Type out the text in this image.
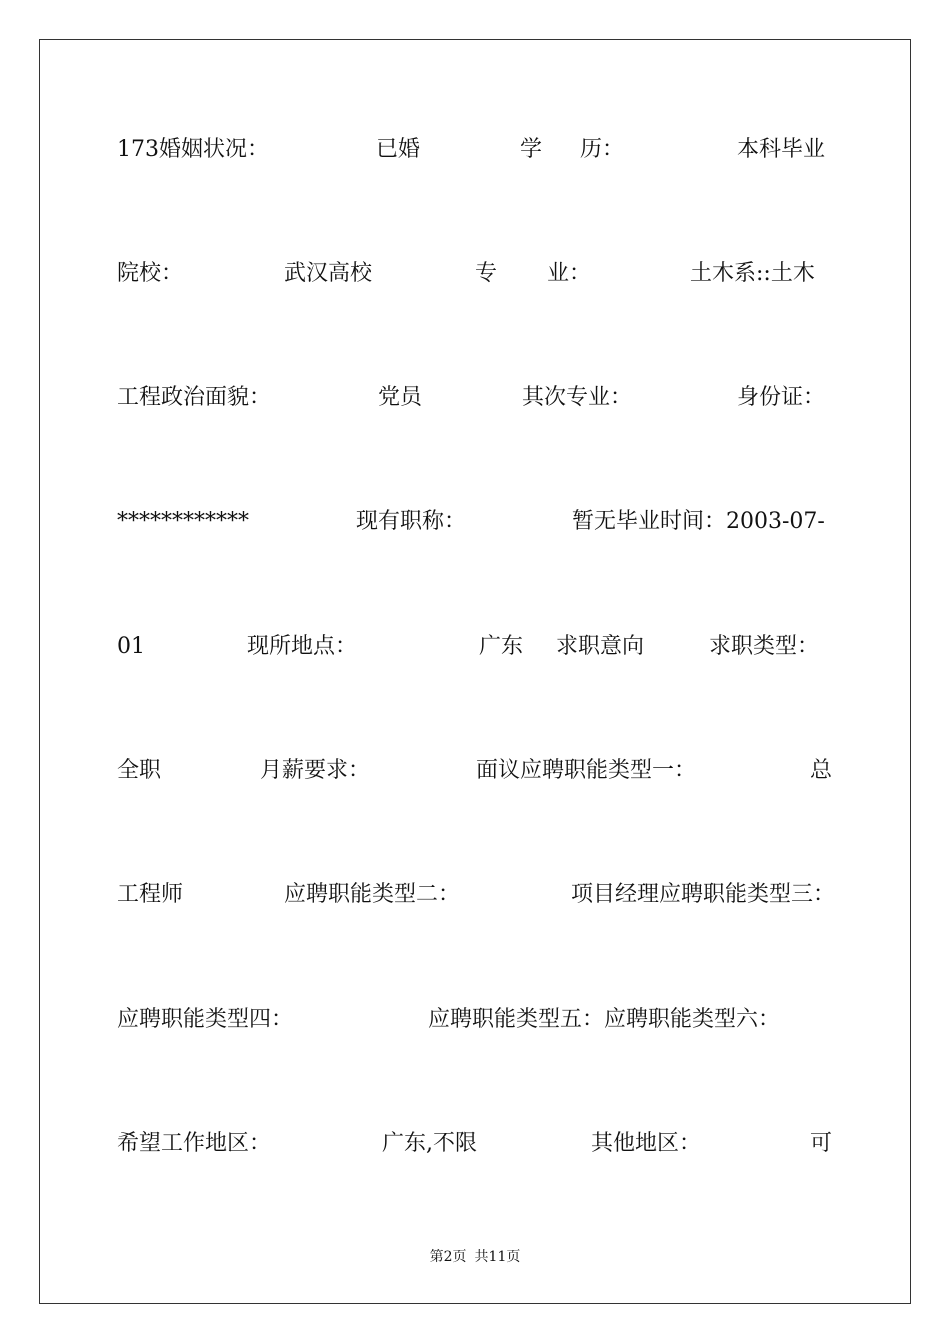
173婚姻状况：	已婚	学 历：	本科毕业
院校：	武汉高校	专 业：	土木系::土木
工程政治面貌：	党员	其次专业：	身份证：
************	现有职称：	暂无毕业时间：2003-07-
01	现所地点：	广东 求职意向	求职类型：
全职	月薪要求：	面议应聘职能类型一：	总
工程师	应聘职能类型二：	项目经理应聘职能类型三：
应聘职能类型四：	应聘职能类型五：应聘职能类型六：
希望工作地区：	广东,不限	其他地区：	可
第2页 共11页
